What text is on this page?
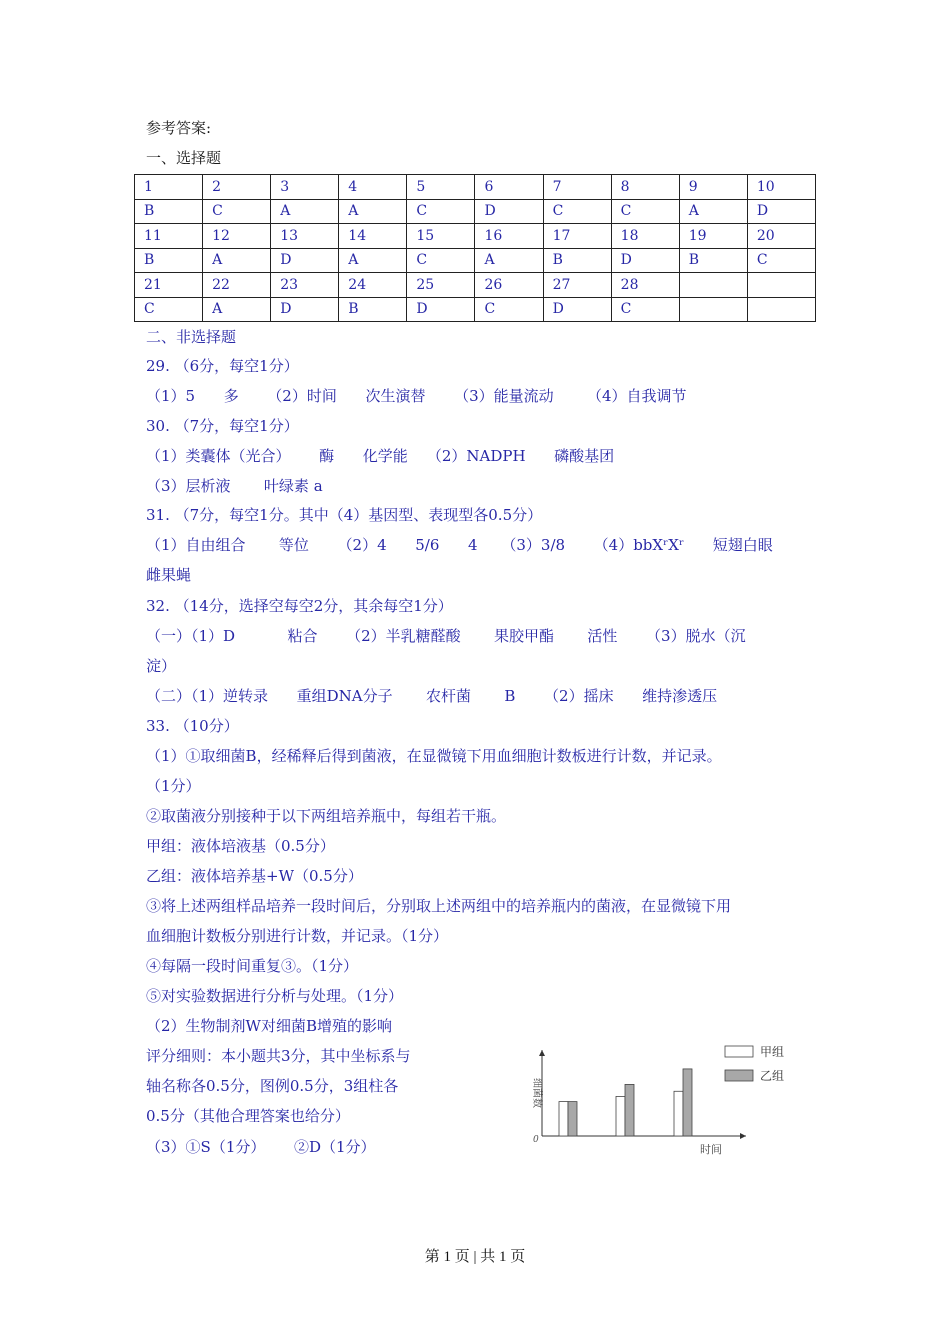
参考答案:
一、选择题
1	2	3	4	5	6	7	8	9	10
B	C	A	A	C	D	C	C	A	D
11	12	13	14	15	16	17	18	19	20
B	A	D	A	C	A	B	D	B	C
21	22	23	24	25	26	27	28		
C	A	D	B	D	C	D	C		
二、非选择题
29. （6分，每空1分）
（1）5      多      （2）时间      次生演替      （3）能量流动       （4）自我调节
30. （7分，每空1分）
（1）类囊体（光合）      酶      化学能    （2）NADPH      磷酸基团
（3）层析液       叶绿素 a
31. （7分，每空1分。其中（4）基因型、表现型各0.5分）
（1）自由组合       等位      （2）4      5/6      4     （3）3/8      （4）bbXʳXʳ      短翅白眼
雌果蝇
32. （14分，选择空每空2分，其余每空1分）
（一）（1）D           粘合      （2）半乳糖醛酸       果胶甲酯       活性      （3）脱水（沉
淀）
（二）（1）逆转录      重组DNA分子       农杆菌       B      （2）摇床      维持渗透压
33. （10分）
（1）①取细菌B，经稀释后得到菌液，在显微镜下用血细胞计数板进行计数，并记录。
（1分）
②取菌液分别接种于以下两组培养瓶中，每组若干瓶。
甲组：液体培液基（0.5分）
乙组：液体培养基+W（0.5分）
③将上述两组样品培养一段时间后，分别取上述两组中的培养瓶内的菌液，在显微镜下用
血细胞计数板分别进行计数，并记录。（1分）
④每隔一段时间重复③。（1分）
⑤对实验数据进行分析与处理。（1分）
（2）生物制剂W对细菌B增殖的影响
评分细则：本小题共3分，其中坐标系与
轴名称各0.5分，图例0.5分，3组柱各
0.5分（其他合理答案也给分）
（3）①S（1分）      ②D（1分）	0
时间
细菌数
甲组
乙组
第 1 页 | 共 1 页
